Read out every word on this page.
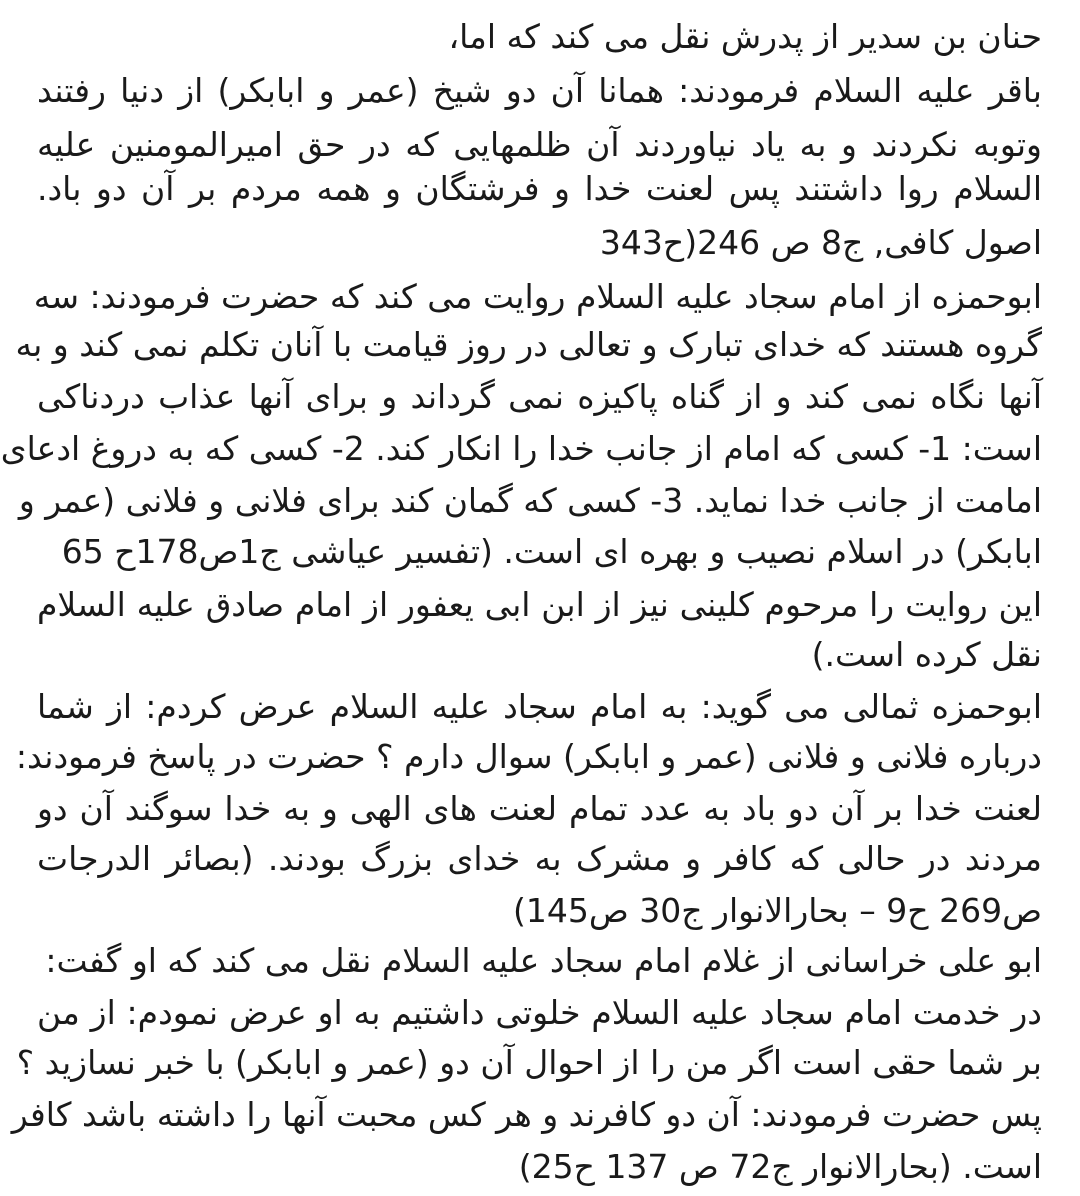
حنان بن سدیر از پدرش نقل می کند که اما،
باقر علیه السلام فرمودند: همانا آن دو شیخ (عمر و ابابکر) از دنیا رفتند
وتوبه نکردند و به یاد نیاوردند آن ظلمهایی که در حق امیرالمومنین علیه
السلام روا داشتند پس لعنت خدا و فرشتگان و همه مردم بر آن دو باد.
اصول کافی, ج8 ص 246(ح343
ابوحمزه از امام سجاد علیه السلام روایت می کند که حضرت فرمودند: سه
گروه هستند که خدای تبارک و تعالی در روز قیامت با آنان تکلم نمی کند و به
آنها نگاه نمی کند و از گناه پاکیزه نمی گرداند و برای آنها عذاب دردناکی
است: 1- کسی که امام از جانب خدا را انکار کند. 2- کسی که به دروغ ادعای
امامت از جانب خدا نماید. 3- کسی که گمان کند برای فلانی و فلانی (عمر و
ابابکر) در اسلام نصیب و بهره ای است. (تفسیر عیاشی ج1ص178ح 65
این روایت را مرحوم کلینی نیز از ابن ابی یعفور از امام صادق علیه السلام
نقل کرده است.)
ابوحمزه ثمالی می گوید: به امام سجاد علیه السلام عرض کردم: از شما
درباره فلانی و فلانی (عمر و ابابکر) سوال دارم ؟ حضرت در پاسخ فرمودند:
لعنت خدا بر آن دو باد به عدد تمام لعنت های الهی و به خدا سوگند آن دو
مردند در حالی که کافر و مشرک به خدای بزرگ بودند. (بصائر الدرجات
ص269 ح9 – بحارالانوار ج30 ص145)
ابو علی خراسانی از غلام امام سجاد علیه السلام نقل می کند که او گفت:
در خدمت امام سجاد علیه السلام خلوتی داشتیم به او عرض نمودم: از من
بر شما حقی است اگر من را از احوال آن دو (عمر و ابابکر) با خبر نسازید ؟
پس حضرت فرمودند: آن دو کافرند و هر کس محبت آنها را داشته باشد کافر
است. (بحارالانوار ج72 ص 137 ح25)
